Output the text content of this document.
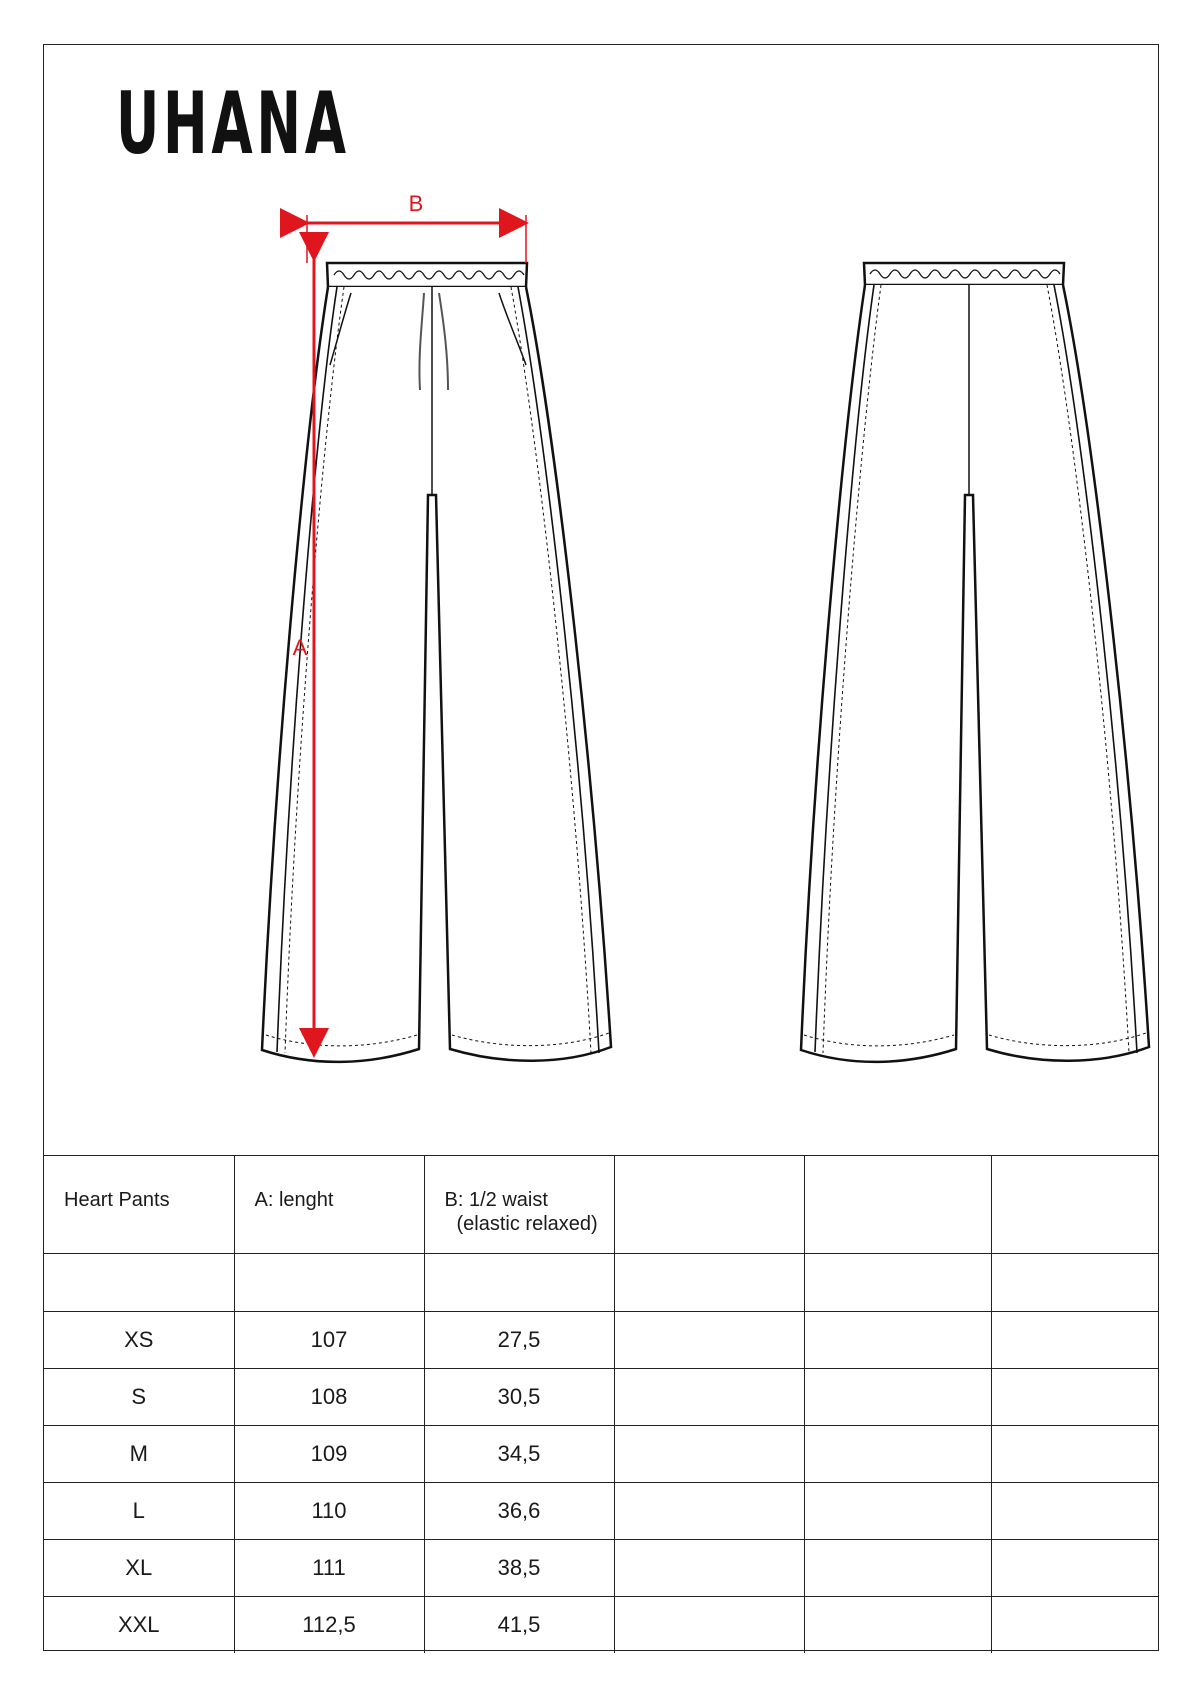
UHANA
B
A
Heart Pants	A: lenght	B: 1/2 waist
(elastic relaxed)			

XS	107	27,5			
S	108	30,5			
M	109	34,5			
L	110	36,6			
XL	111	38,5			
XXL	112,5	41,5			
